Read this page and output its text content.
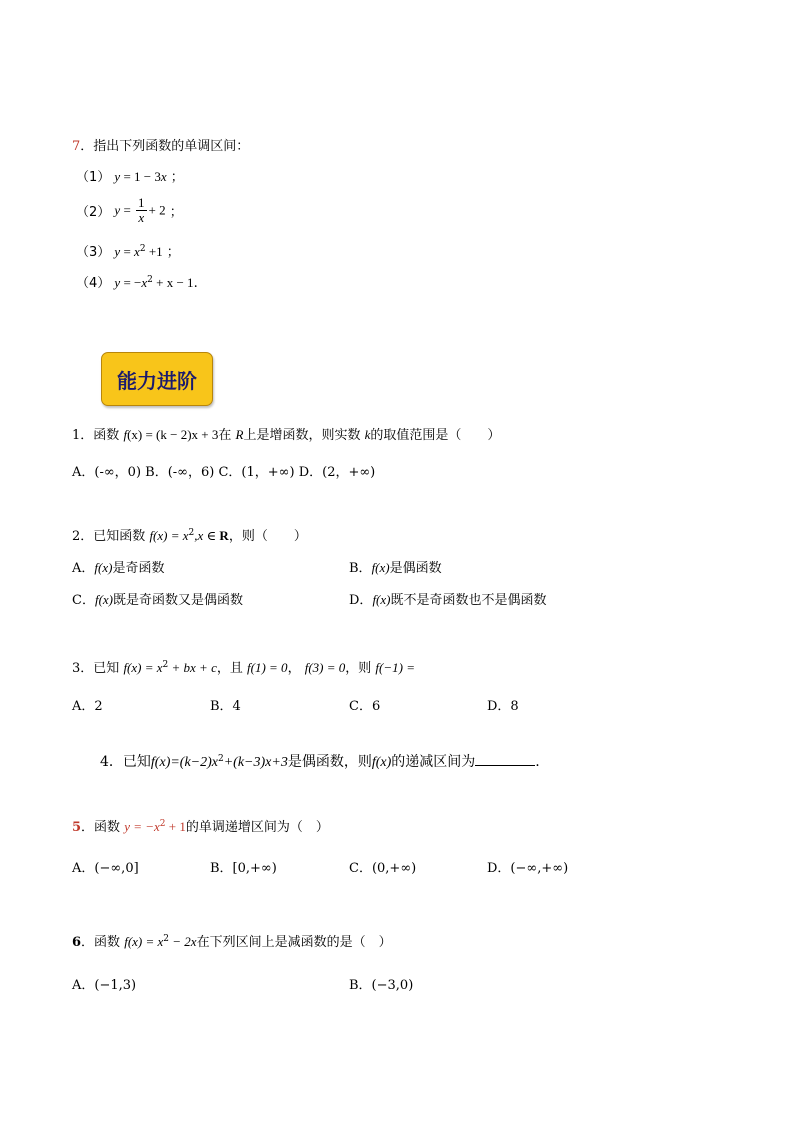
7．指出下列函数的单调区间：
（1） y = 1 − 3x ；
（2） $y = \frac{1}{x} + 2$ ；
（3） $y = x^2 +1$ ；
（4） $y = -x^2 + x - 1$.
能力进阶
1．函数 f(x) = (k − 2)x + 3在 R上是增函数，则实数 k的取值范围是（　　）
A．(-∞，0) B．(-∞，6) C．(1，+∞) D．(2，+∞)
2．已知函数 $f(x) = x^2,x$ ∈ R，则（　　）
A．f(x)是奇函数	B．f(x)是偶函数
C．f(x)既是奇函数又是偶函数	D．f(x)既不是奇函数也不是偶函数
3．已知 $f(x) = x^2$ + bx + c，且 f(1) = 0， f(3) = 0，则 f(−1) =
A．2	B．4	C．6	D．8
4．已知$f(x)=(k-2)x^2+(k-3)x+3$是偶函数，则f(x)的递减区间为	.
5．函数 $y = -x^2 + 1$的单调递增区间为（　）
A．(−∞,0]	B．[0,+∞)	C．(0,+∞)	D．(−∞,+∞)
6．函数 $f(x) = x^2 - 2x$在下列区间上是减函数的是（　）
A．(−1,3)	B．(−3,0)
